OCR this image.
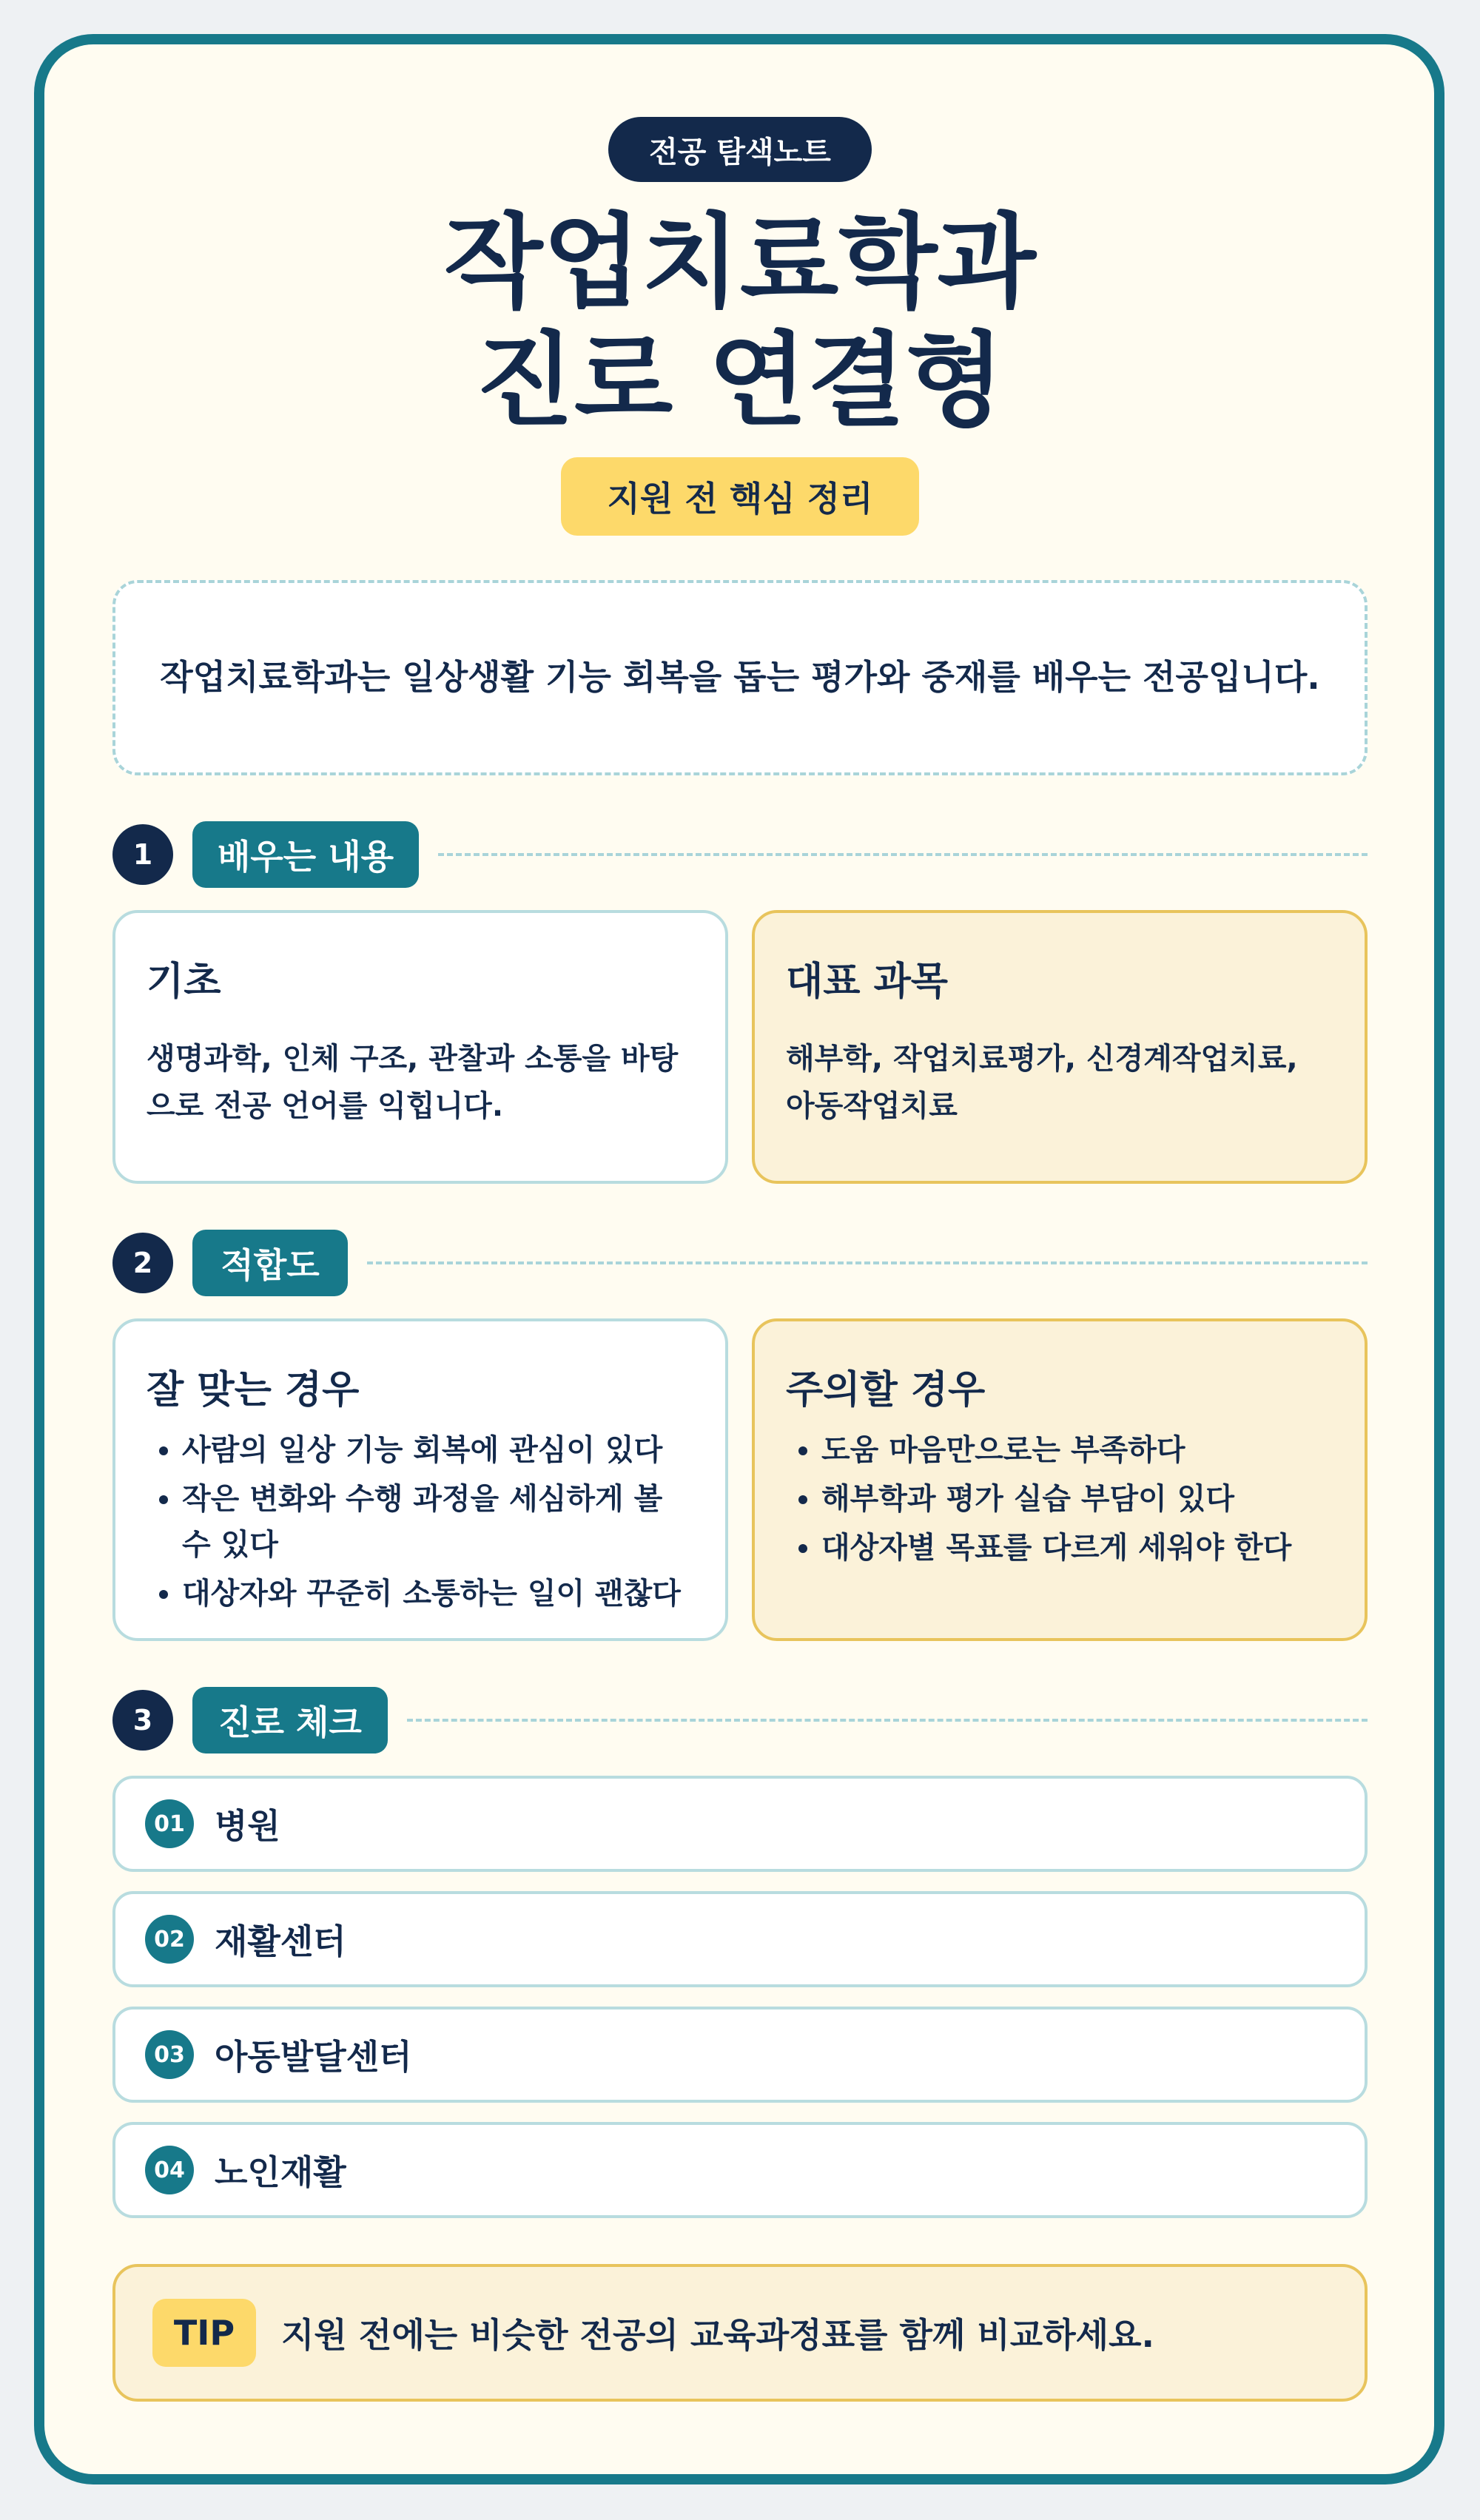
전공 탐색노트
작업치료학과
진로 연결형
지원 전 핵심 정리
작업치료학과는 일상생활 기능 회복을 돕는 평가와 중재를 배우는 전공입니다.
1	배우는 내용
기초

생명과학, 인체 구조, 관찰과 소통을 바탕으로 전공 언어를 익힙니다.

대표 과목

해부학, 작업치료평가, 신경계작업치료, 아동작업치료

2	적합도
잘 맞는 경우
• 사람의 일상 기능 회복에 관심이 있다
• 작은 변화와 수행 과정을 세심하게 볼 수 있다
• 대상자와 꾸준히 소통하는 일이 괜찮다
주의할 경우
• 도움 마음만으로는 부족하다
• 해부학과 평가 실습 부담이 있다
• 대상자별 목표를 다르게 세워야 한다
3	진로 체크
01 병원
02 재활센터
03 아동발달센터
04 노인재활
TIP	지원 전에는 비슷한 전공의 교육과정표를 함께 비교하세요.
